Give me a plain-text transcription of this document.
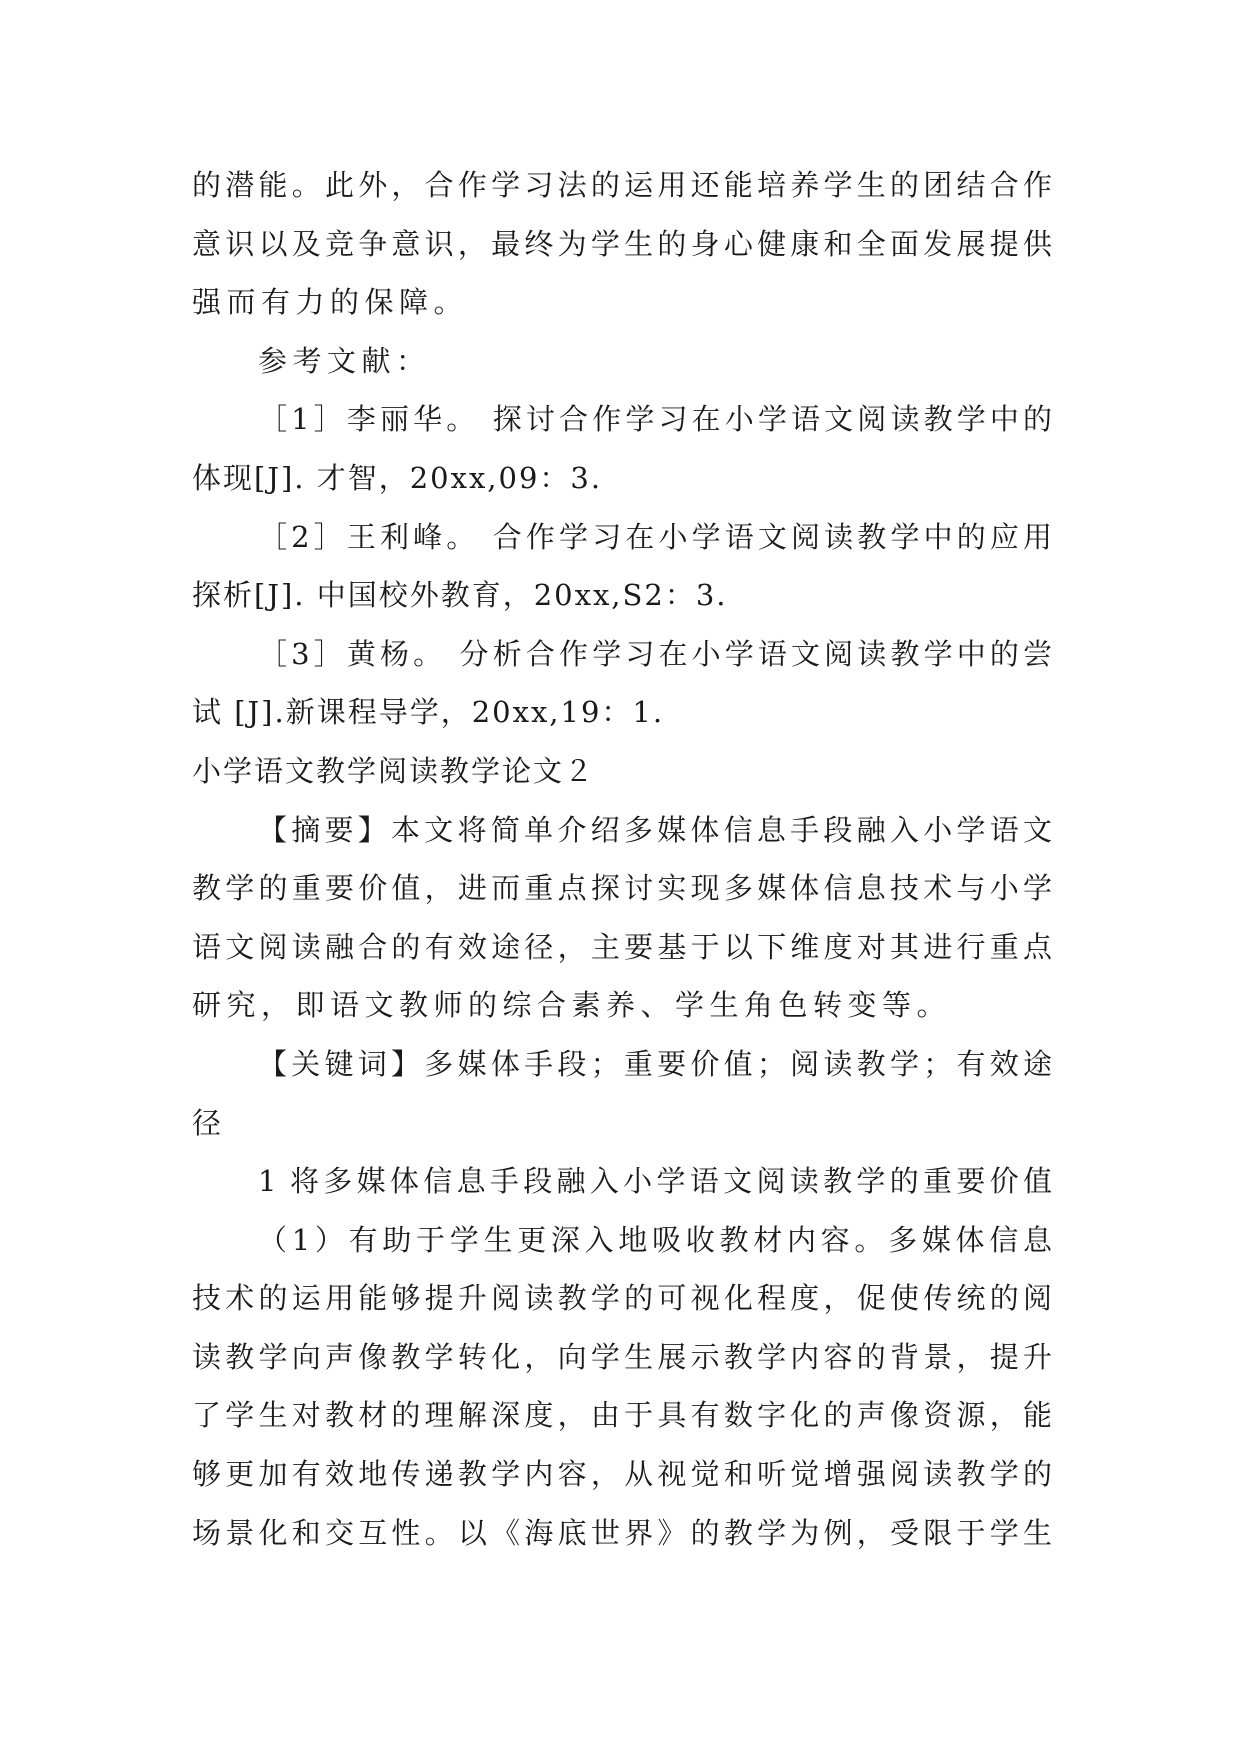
的潜能。此外，合作学习法的运用还能培养学生的团结合作
意识以及竞争意识，最终为学生的身心健康和全面发展提供
强而有力的保障。
参考文献：
［1］李丽华。 探讨合作学习在小学语文阅读教学中的
体现[J]. 才智，20xx,09：3.
［2］王利峰。 合作学习在小学语文阅读教学中的应用
探析[J]. 中国校外教育，20xx,S2：3.
［3］黄杨。 分析合作学习在小学语文阅读教学中的尝
试 [J].新课程导学，20xx,19：1.
小学语文教学阅读教学论文２
【摘要】本文将简单介绍多媒体信息手段融入小学语文
教学的重要价值，进而重点探讨实现多媒体信息技术与小学
语文阅读融合的有效途径，主要基于以下维度对其进行重点
研究，即语文教师的综合素养、学生角色转变等。
【关键词】多媒体手段；重要价值；阅读教学；有效途
径
1 将多媒体信息手段融入小学语文阅读教学的重要价值
（1）有助于学生更深入地吸收教材内容。多媒体信息
技术的运用能够提升阅读教学的可视化程度，促使传统的阅
读教学向声像教学转化，向学生展示教学内容的背景，提升
了学生对教材的理解深度，由于具有数字化的声像资源，能
够更加有效地传递教学内容，从视觉和听觉增强阅读教学的
场景化和交互性。以《海底世界》的教学为例，受限于学生
